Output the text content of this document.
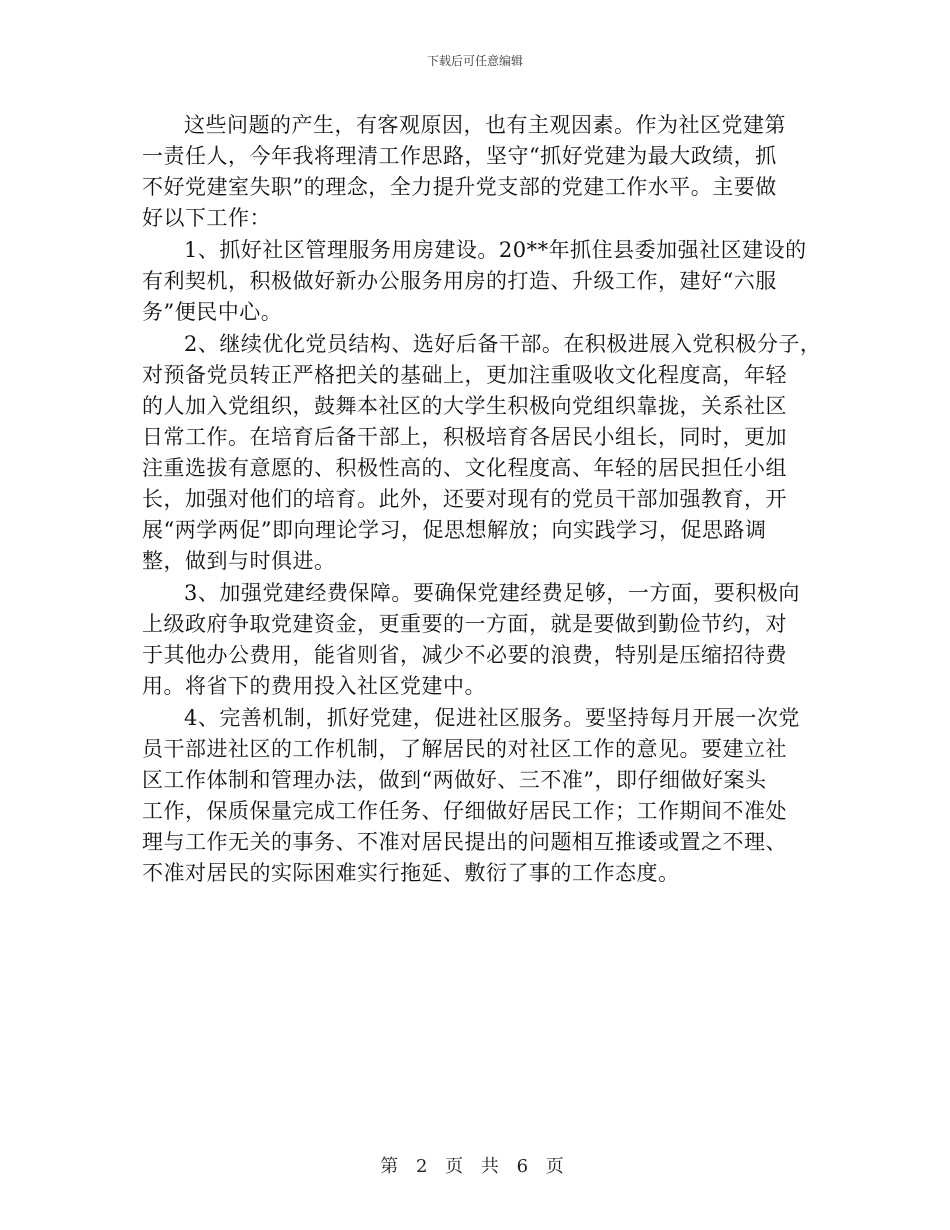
下载后可任意编辑
这些问题的产生，有客观原因，也有主观因素。作为社区党建第
一责任人，今年我将理清工作思路，坚守“抓好党建为最大政绩，抓
不好党建室失职”的理念，全力提升党支部的党建工作水平。主要做
好以下工作：
1、抓好社区管理服务用房建设。20**年抓住县委加强社区建设的
有利契机，积极做好新办公服务用房的打造、升级工作，建好“六服
务”便民中心。
2、继续优化党员结构、选好后备干部。在积极进展入党积极分子，
对预备党员转正严格把关的基础上，更加注重吸收文化程度高，年轻
的人加入党组织，鼓舞本社区的大学生积极向党组织靠拢，关系社区
日常工作。在培育后备干部上，积极培育各居民小组长，同时，更加
注重选拔有意愿的、积极性高的、文化程度高、年轻的居民担任小组
长，加强对他们的培育。此外，还要对现有的党员干部加强教育，开
展“两学两促”即向理论学习，促思想解放；向实践学习，促思路调
整，做到与时俱进。
3、加强党建经费保障。要确保党建经费足够，一方面，要积极向
上级政府争取党建资金，更重要的一方面，就是要做到勤俭节约，对
于其他办公费用，能省则省，减少不必要的浪费，特别是压缩招待费
用。将省下的费用投入社区党建中。
4、完善机制，抓好党建，促进社区服务。要坚持每月开展一次党
员干部进社区的工作机制，了解居民的对社区工作的意见。要建立社
区工作体制和管理办法，做到“两做好、三不准”，即仔细做好案头
工作，保质保量完成工作任务、仔细做好居民工作；工作期间不准处
理与工作无关的事务、不准对居民提出的问题相互推诿或置之不理、
不准对居民的实际困难实行拖延、敷衍了事的工作态度。
第 2 页 共 6 页
